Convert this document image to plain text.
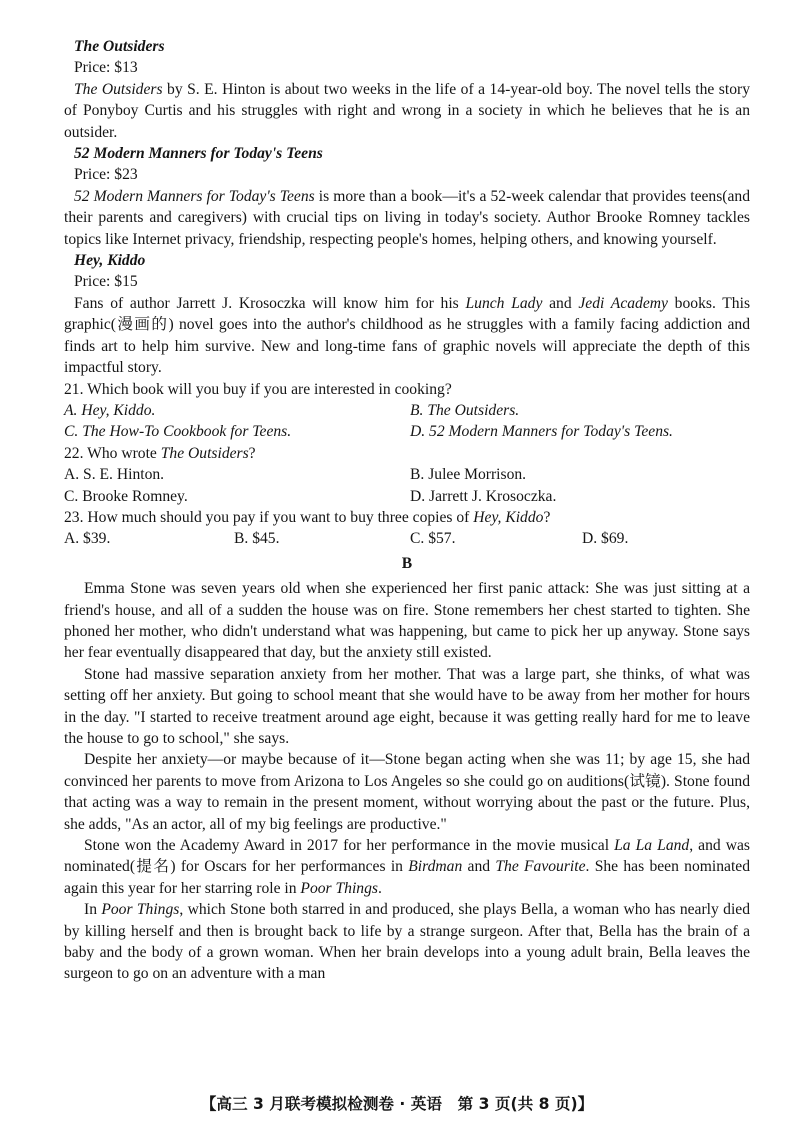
The Outsiders
Price: $13

The Outsiders by S. E. Hinton is about two weeks in the life of a 14-year-old boy. The novel tells the story of Ponyboy Curtis and his struggles with right and wrong in a society in which he believes that he is an outsider.

52 Modern Manners for Today's Teens
Price: $23

52 Modern Manners for Today's Teens is more than a book—it's a 52-week calendar that provides teens(and their parents and caregivers) with crucial tips on living in today's society. Author Brooke Romney tackles topics like Internet privacy, friendship, respecting people's homes, helping others, and knowing yourself.

Hey, Kiddo
Price: $15

Fans of author Jarrett J. Krosoczka will know him for his Lunch Lady and Jedi Academy books. This graphic(漫画的) novel goes into the author's childhood as he struggles with a family facing addiction and finds art to help him survive. New and long-time fans of graphic novels will appreciate the depth of this impactful story.

21. Which book will you buy if you are interested in cooking?
A. Hey, Kiddo.	B. The Outsiders.
C. The How-To Cookbook for Teens.	D. 52 Modern Manners for Today's Teens.
22. Who wrote The Outsiders?
A. S. E. Hinton.	B. Julee Morrison.
C. Brooke Romney.	D. Jarrett J. Krosoczka.
23. How much should you pay if you want to buy three copies of Hey, Kiddo?
A. $39.	B. $45.	C. $57.	D. $69.
B

Emma Stone was seven years old when she experienced her first panic attack: She was just sitting at a friend's house, and all of a sudden the house was on fire. Stone remembers her chest started to tighten. She phoned her mother, who didn't understand what was happening, but came to pick her up anyway. Stone says her fear eventually disappeared that day, but the anxiety still existed.

Stone had massive separation anxiety from her mother. That was a large part, she thinks, of what was setting off her anxiety. But going to school meant that she would have to be away from her mother for hours in the day. "I started to receive treatment around age eight, because it was getting really hard for me to leave the house to go to school," she says.

Despite her anxiety—or maybe because of it—Stone began acting when she was 11; by age 15, she had convinced her parents to move from Arizona to Los Angeles so she could go on auditions(试镜). Stone found that acting was a way to remain in the present moment, without worrying about the past or the future. Plus, she adds, "As an actor, all of my big feelings are productive."

Stone won the Academy Award in 2017 for her performance in the movie musical La La Land, and was nominated(提名) for Oscars for her performances in Birdman and The Favourite. She has been nominated again this year for her starring role in Poor Things.

In Poor Things, which Stone both starred in and produced, she plays Bella, a woman who has nearly died by killing herself and then is brought back to life by a strange surgeon. After that, Bella has the brain of a baby and the body of a grown woman. When her brain develops into a young adult brain, Bella leaves the surgeon to go on an adventure with a man

【高三 3 月联考模拟检测卷 · 英语　第 3 页(共 8 页)】
